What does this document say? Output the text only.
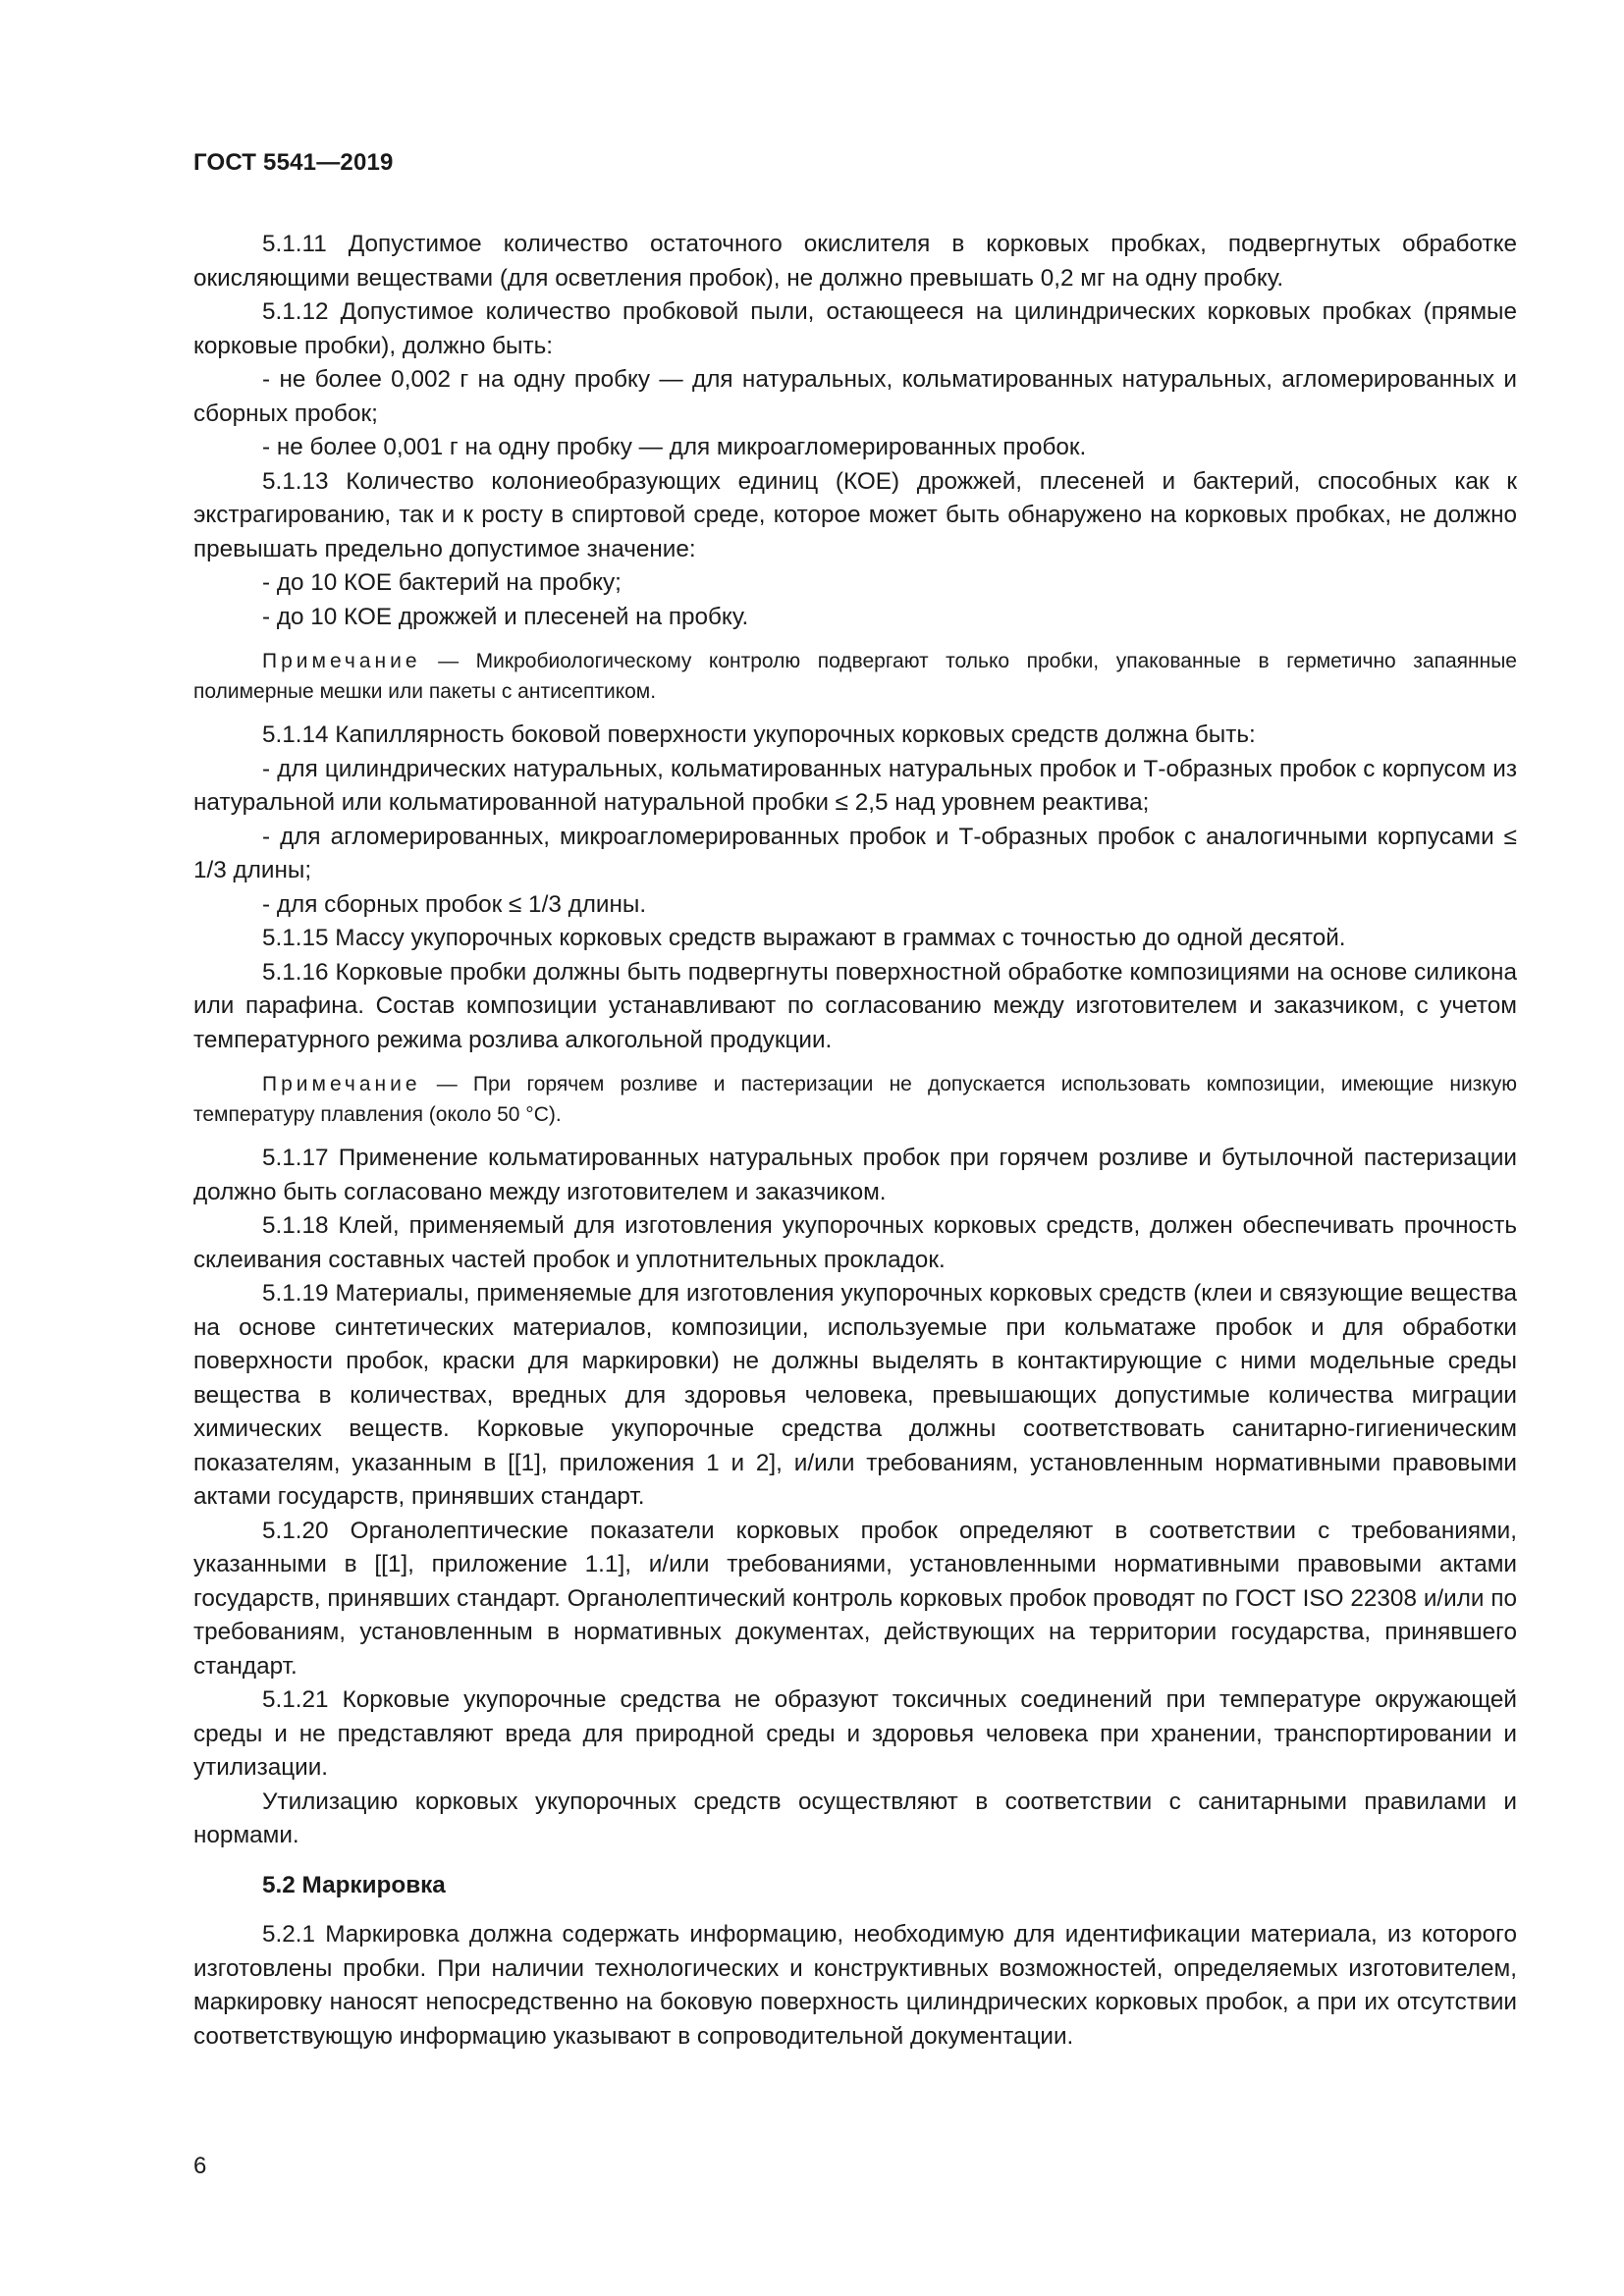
ГОСТ 5541—2019

5.1.11 Допустимое количество остаточного окислителя в корковых пробках, подвергнутых обработке окисляющими веществами (для осветления пробок), не должно превышать 0,2 мг на одну пробку.

5.1.12 Допустимое количество пробковой пыли, остающееся на цилиндрических корковых пробках (прямые корковые пробки), должно быть:

- не более 0,002 г на одну пробку — для натуральных, кольматированных натуральных, агломерированных и сборных пробок;

- не более 0,001 г на одну пробку — для микроагломерированных пробок.

5.1.13 Количество колониеобразующих единиц (КОЕ) дрожжей, плесеней и бактерий, способных как к экстрагированию, так и к росту в спиртовой среде, которое может быть обнаружено на корковых пробках, не должно превышать предельно допустимое значение:

- до 10 КОЕ бактерий на пробку;

- до 10 КОЕ дрожжей и плесеней на пробку.

Примечание — Микробиологическому контролю подвергают только пробки, упакованные в герметично запаянные полимерные мешки или пакеты с антисептиком.

5.1.14 Капиллярность боковой поверхности укупорочных корковых средств должна быть:

- для цилиндрических натуральных, кольматированных натуральных пробок и Т-образных пробок с корпусом из натуральной или кольматированной натуральной пробки ≤ 2,5 над уровнем реактива;

- для агломерированных, микроагломерированных пробок и Т-образных пробок с аналогичными корпусами ≤ 1/3 длины;

- для сборных пробок ≤ 1/3 длины.

5.1.15 Массу укупорочных корковых средств выражают в граммах с точностью до одной десятой.

5.1.16 Корковые пробки должны быть подвергнуты поверхностной обработке композициями на основе силикона или парафина. Состав композиции устанавливают по согласованию между изготовителем и заказчиком, с учетом температурного режима розлива алкогольной продукции.

Примечание — При горячем розливе и пастеризации не допускается использовать композиции, имеющие низкую температуру плавления (около 50 °С).

5.1.17 Применение кольматированных натуральных пробок при горячем розливе и бутылочной пастеризации должно быть согласовано между изготовителем и заказчиком.

5.1.18 Клей, применяемый для изготовления укупорочных корковых средств, должен обеспечивать прочность склеивания составных частей пробок и уплотнительных прокладок.

5.1.19 Материалы, применяемые для изготовления укупорочных корковых средств (клеи и связующие вещества на основе синтетических материалов, композиции, используемые при кольматаже пробок и для обработки поверхности пробок, краски для маркировки) не должны выделять в контактирующие с ними модельные среды вещества в количествах, вредных для здоровья человека, превышающих допустимые количества миграции химических веществ. Корковые укупорочные средства должны соответствовать санитарно-гигиеническим показателям, указанным в [[1], приложения 1 и 2], и/или требованиям, установленным нормативными правовыми актами государств, принявших стандарт.

5.1.20 Органолептические показатели корковых пробок определяют в соответствии с требованиями, указанными в [[1], приложение 1.1], и/или требованиями, установленными нормативными правовыми актами государств, принявших стандарт. Органолептический контроль корковых пробок проводят по ГОСТ ISO 22308 и/или по требованиям, установленным в нормативных документах, действующих на территории государства, принявшего стандарт.

5.1.21 Корковые укупорочные средства не образуют токсичных соединений при температуре окружающей среды и не представляют вреда для природной среды и здоровья человека при хранении, транспортировании и утилизации.

Утилизацию корковых укупорочных средств осуществляют в соответствии с санитарными правилами и нормами.

5.2 Маркировка

5.2.1 Маркировка должна содержать информацию, необходимую для идентификации материала, из которого изготовлены пробки. При наличии технологических и конструктивных возможностей, определяемых изготовителем, маркировку наносят непосредственно на боковую поверхность цилиндрических корковых пробок, а при их отсутствии соответствующую информацию указывают в сопроводительной документации.

6
